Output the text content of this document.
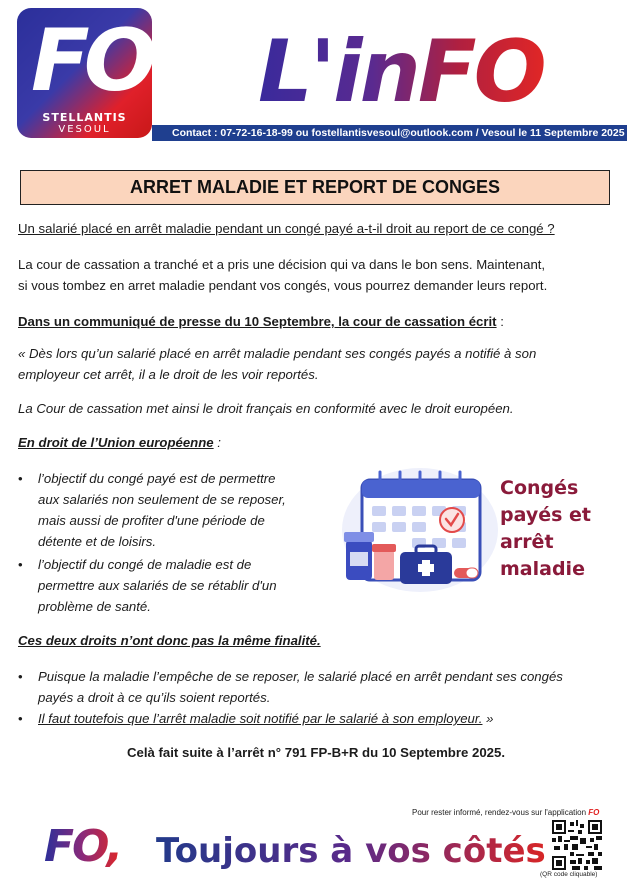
FO
STELLANTIS
VESOUL
L'inFO
Contact : 07-72-16-18-99 ou fostellantisvesoul@outlook.com / Vesoul le 11 Septembre 2025
ARRET MALADIE ET REPORT DE CONGES
Un salarié placé en arrêt maladie pendant un congé payé a-t-il droit au report de ce congé ?
La cour de cassation a tranché et a pris une décision qui va dans le bon sens. Maintenant,
si vous tombez en arret maladie pendant vos congés, vous pourrez demander leurs report.
Dans un communiqué de presse du 10 Septembre, la cour de cassation écrit :
« Dès lors qu’un salarié placé en arrêt maladie pendant ses congés payés a notifié à son
employeur cet arrêt, il a le droit de les voir reportés.
La Cour de cassation met ainsi le droit français en conformité avec le droit européen.
En droit de l’Union européenne :
• l’objectif du congé payé est de permettre
aux salariés non seulement de se reposer,
mais aussi de profiter d'une période de
détente et de loisirs.
• l’objectif du congé de maladie est de
permettre aux salariés de se rétablir d'un
problème de santé.
Congés
payés et
arrêt
maladie
Ces deux droits n’ont donc pas la même finalité.
• Puisque la maladie l’empêche de se reposer, le salarié placé en arrêt pendant ses congés
payés a droit à ce qu’ils soient reportés.
• Il faut toutefois que l’arrêt maladie soit notifié par le salarié à son employeur. »
Celà fait suite à l’arrêt n° 791 FP-B+R du 10 Septembre 2025.
Pour rester informé, rendez-vous sur l'application FO
FO, Toujours à vos côtés
(QR code cliquable)
